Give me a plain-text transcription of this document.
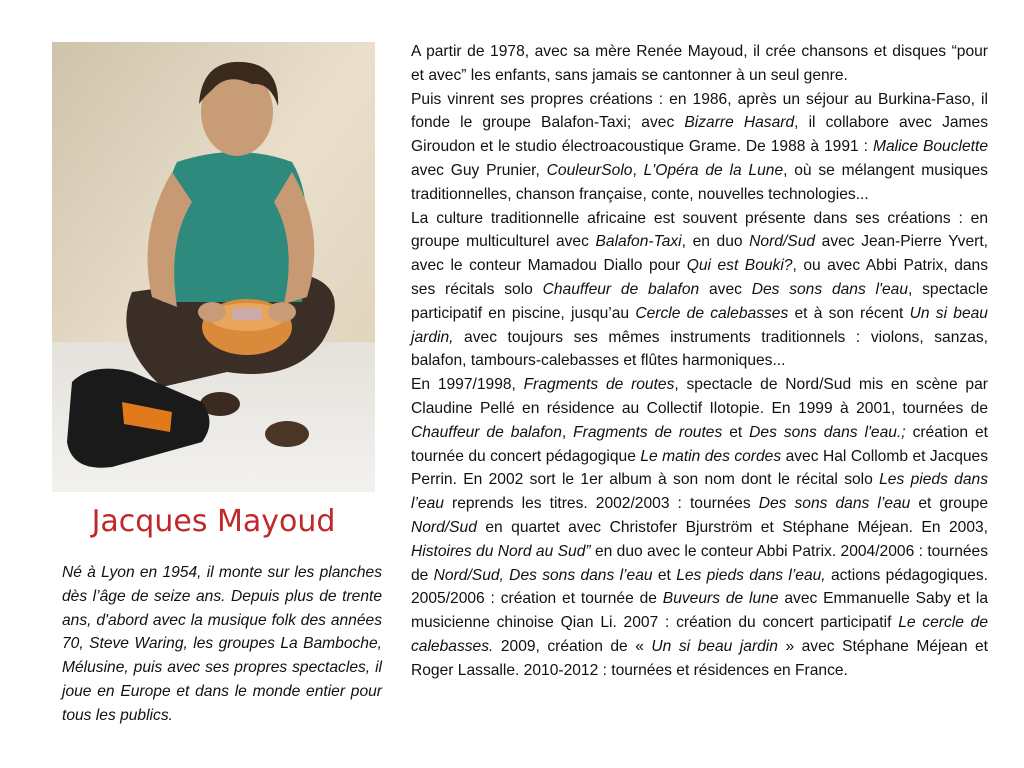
Jacques Mayoud
Né à Lyon en 1954, il monte sur les planches dès l’âge de seize ans. Depuis plus de trente ans, d'abord avec la musique folk des années 70, Steve Waring, les groupes La Bamboche, Mélusine, puis avec ses propres spectacles, il joue en Europe et dans le monde entier pour tous les publics.

A partir de 1978, avec sa mère Renée Mayoud, il crée chansons et disques “pour et avec” les enfants, sans jamais se cantonner à un seul genre.

Puis vinrent ses propres créations : en 1986, après un séjour au Burkina-Faso, il fonde le groupe Balafon-Taxi; avec Bizarre Hasard, il collabore avec James Giroudon et le studio électroacoustique Grame. De 1988 à 1991 : Malice Bouclette avec Guy Prunier, CouleurSolo, L'Opéra de la Lune, où se mélangent musiques traditionnelles, chanson française, conte, nouvelles technologies...

La culture traditionnelle africaine est souvent présente dans ses créations : en groupe multiculturel avec Balafon-Taxi, en duo Nord/Sud avec Jean-Pierre Yvert, avec le conteur Mamadou Diallo pour Qui est Bouki?, ou avec Abbi Patrix, dans ses récitals solo Chauffeur de balafon avec Des sons dans l'eau, spectacle participatif en piscine, jusqu’au Cercle de calebasses et à son récent Un si beau jardin, avec toujours ses mêmes instruments traditionnels : violons, sanzas, balafon, tambours-calebasses et flûtes harmoniques...

En 1997/1998, Fragments de routes, spectacle de Nord/Sud mis en scène par Claudine Pellé en résidence au Collectif Ilotopie. En 1999 à 2001, tournées de Chauffeur de balafon, Fragments de routes et Des sons dans l'eau.; création et tournée du concert pédagogique Le matin des cordes avec Hal Collomb et Jacques Perrin. En 2002 sort le 1er album à son nom dont le récital solo Les pieds dans l’eau reprends les titres. 2002/2003 : tournées Des sons dans l’eau et groupe Nord/Sud en quartet avec Christofer Bjurström et Stéphane Méjean. En 2003, Histoires du Nord au Sud” en duo avec le conteur Abbi Patrix. 2004/2006 : tournées de Nord/Sud, Des sons dans l’eau et Les pieds dans l’eau, actions pédagogiques. 2005/2006 : création et tournée de Buveurs de lune avec Emmanuelle Saby et la musicienne chinoise Qian Li. 2007 : création du concert participatif Le cercle de calebasses. 2009, création de « Un si beau jardin » avec Stéphane Méjean et Roger Lassalle. 2010-2012 : tournées et résidences en France.
